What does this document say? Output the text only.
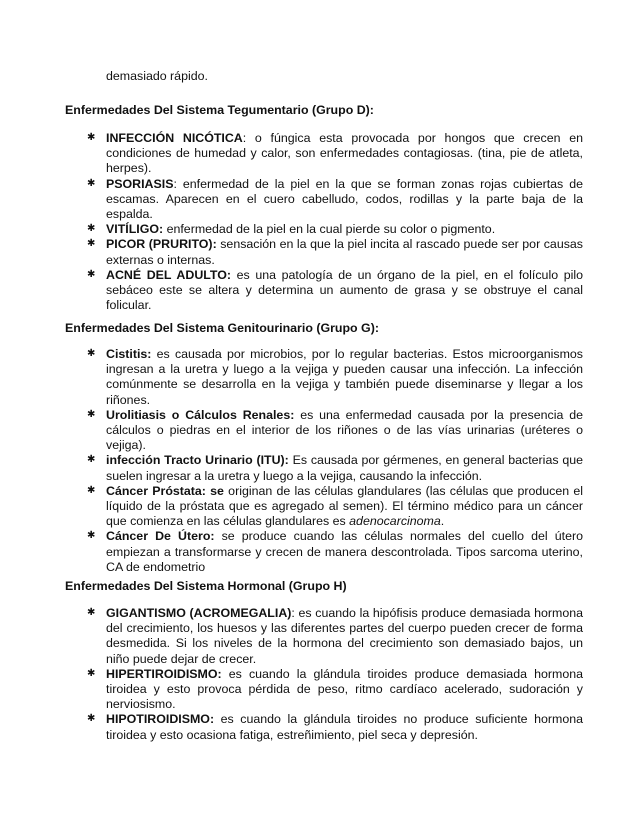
demasiado rápido.
Enfermedades Del Sistema Tegumentario (Grupo D):
✱ INFECCIÓN NICÓTICA: o fúngica esta provocada por hongos que crecen en condiciones de humedad y calor, son enfermedades contagiosas. (tina, pie de atleta, herpes).
✱ PSORIASIS: enfermedad de la piel en la que se forman zonas rojas cubiertas de escamas. Aparecen en el cuero cabelludo, codos, rodillas y la parte baja de la espalda.
✱ VITÍLIGO: enfermedad de la piel en la cual pierde su color o pigmento.
✱ PICOR (PRURITO): sensación en la que la piel incita al rascado puede ser por causas externas o internas.
✱ ACNÉ DEL ADULTO: es una patología de un órgano de la piel, en el folículo pilo sebáceo este se altera y determina un aumento de grasa y se obstruye el canal folicular.
Enfermedades Del Sistema Genitourinario (Grupo G):
✱ Cistitis: es causada por microbios, por lo regular bacterias. Estos microorganismos ingresan a la uretra y luego a la vejiga y pueden causar una infección. La infección comúnmente se desarrolla en la vejiga y también puede diseminarse y llegar a los riñones.
✱ Urolitiasis o Cálculos Renales: es una enfermedad causada por la presencia de cálculos o piedras en el interior de los riñones o de las vías urinarias (uréteres o vejiga).
✱ infección Tracto Urinario (ITU): Es causada por gérmenes, en general bacterias que suelen ingresar a la uretra y luego a la vejiga, causando la infección.
✱ Cáncer Próstata: se originan de las células glandulares (las células que producen el líquido de la próstata que es agregado al semen). El término médico para un cáncer que comienza en las células glandulares es adenocarcinoma.
✱ Cáncer De Útero: se produce cuando las células normales del cuello del útero empiezan a transformarse y crecen de manera descontrolada. Tipos sarcoma uterino, CA de endometrio
Enfermedades Del Sistema Hormonal (Grupo H)
✱ GIGANTISMO (ACROMEGALIA): es cuando la hipófisis produce demasiada hormona del crecimiento, los huesos y las diferentes partes del cuerpo pueden crecer de forma desmedida. Si los niveles de la hormona del crecimiento son demasiado bajos, un niño puede dejar de crecer.
✱ HIPERTIROIDISMO: es cuando la glándula tiroides produce demasiada hormona tiroidea y esto provoca pérdida de peso, ritmo cardíaco acelerado, sudoración y nerviosismo.
✱ HIPOTIROIDISMO: es cuando la glándula tiroides no produce suficiente hormona tiroidea y esto ocasiona fatiga, estreñimiento, piel seca y depresión.
